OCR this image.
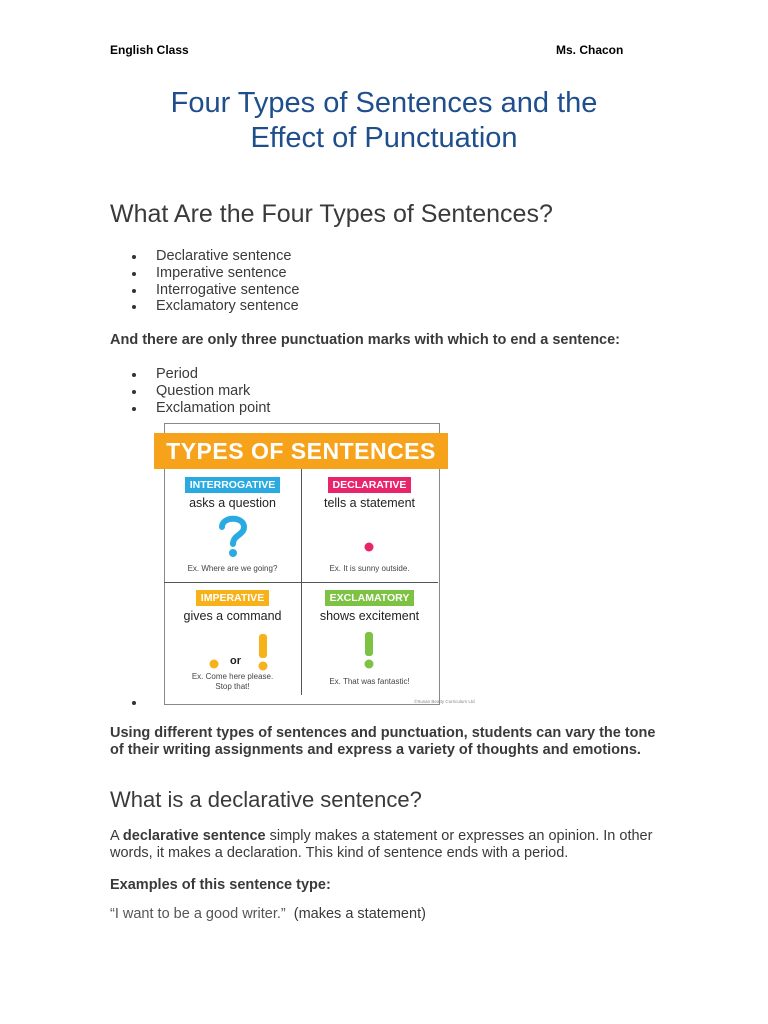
English Class	Ms. Chacon
Four Types of Sentences and the
Effect of Punctuation
What Are the Four Types of Sentences?
Declarative sentence
Imperative sentence
Interrogative sentence
Exclamatory sentence

And there are only three punctuation marks with which to end a sentence:

Period
Question mark
Exclamation point
TYPES OF SENTENCES
INTERROGATIVE
asks a question
Ex. Where are we going?
DECLARATIVE
tells a statement
Ex. It is sunny outside.
IMPERATIVE
gives a command
or
Ex. Come here please.
Stop that!
EXCLAMATORY
shows excitement
Ex. That was fantastic!
©Susan Beatty Curriculum Ltd

Using different types of sentences and punctuation, students can vary the tone of their writing assignments and express a variety of thoughts and emotions.

What is a declarative sentence?

A declarative sentence simply makes a statement or expresses an opinion. In other words, it makes a declaration. This kind of sentence ends with a period.

Examples of this sentence type:

“I want to be a good writer.” (makes a statement)
